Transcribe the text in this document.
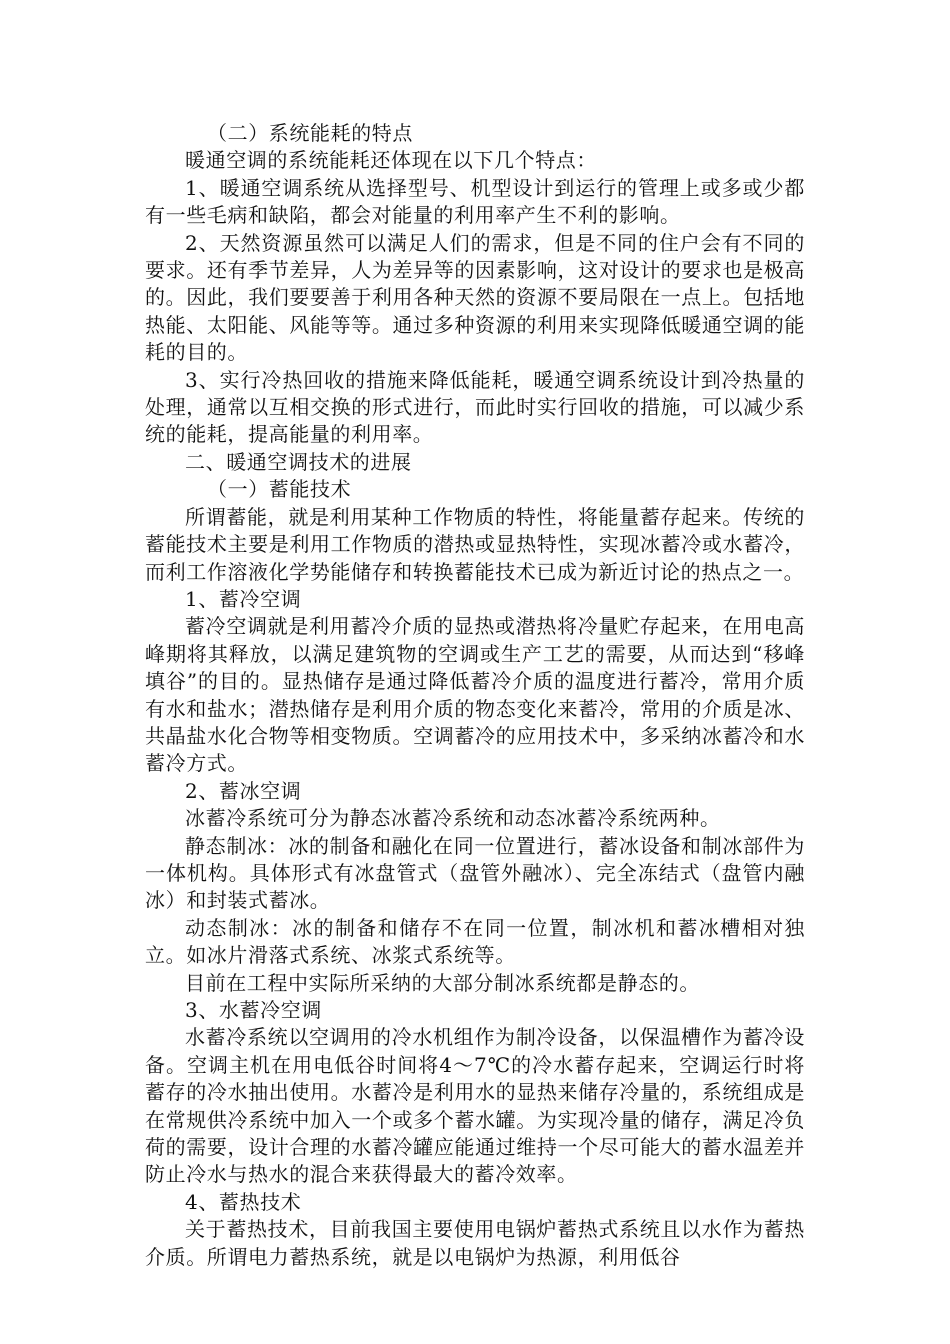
（二）系统能耗的特点

暖通空调的系统能耗还体现在以下几个特点：

1、暖通空调系统从选择型号、机型设计到运行的管理上或多或少都有一些毛病和缺陷，都会对能量的利用率产生不利的影响。

2、天然资源虽然可以满足人们的需求，但是不同的住户会有不同的要求。还有季节差异，人为差异等的因素影响，这对设计的要求也是极高的。因此，我们要要善于利用各种天然的资源不要局限在一点上。包括地热能、太阳能、风能等等。通过多种资源的利用来实现降低暖通空调的能耗的目的。

3、实行冷热回收的措施来降低能耗，暖通空调系统设计到冷热量的处理，通常以互相交换的形式进行，而此时实行回收的措施，可以减少系统的能耗，提高能量的利用率。

二、暖通空调技术的进展

（一）蓄能技术

所谓蓄能，就是利用某种工作物质的特性，将能量蓄存起来。传统的蓄能技术主要是利用工作物质的潜热或显热特性，实现冰蓄冷或水蓄冷，而利工作溶液化学势能储存和转换蓄能技术已成为新近讨论的热点之一。

1、蓄冷空调

蓄冷空调就是利用蓄冷介质的显热或潜热将冷量贮存起来，在用电高峰期将其释放，以满足建筑物的空调或生产工艺的需要，从而达到“移峰填谷”的目的。显热储存是通过降低蓄冷介质的温度进行蓄冷，常用介质有水和盐水；潜热储存是利用介质的物态变化来蓄冷，常用的介质是冰、共晶盐水化合物等相变物质。空调蓄冷的应用技术中，多采纳冰蓄冷和水蓄冷方式。

2、蓄冰空调

冰蓄冷系统可分为静态冰蓄冷系统和动态冰蓄冷系统两种。

静态制冰：冰的制备和融化在同一位置进行，蓄冰设备和制冰部件为一体机构。具体形式有冰盘管式（盘管外融冰）、完全冻结式（盘管内融冰）和封装式蓄冰。

动态制冰：冰的制备和储存不在同一位置，制冰机和蓄冰槽相对独立。如冰片滑落式系统、冰浆式系统等。

目前在工程中实际所采纳的大部分制冰系统都是静态的。

3、水蓄冷空调

水蓄冷系统以空调用的冷水机组作为制冷设备，以保温槽作为蓄冷设备。空调主机在用电低谷时间将4～7℃的冷水蓄存起来，空调运行时将蓄存的冷水抽出使用。水蓄冷是利用水的显热来储存冷量的，系统组成是在常规供冷系统中加入一个或多个蓄水罐。为实现冷量的储存，满足冷负荷的需要，设计合理的水蓄冷罐应能通过维持一个尽可能大的蓄水温差并防止冷水与热水的混合来获得最大的蓄冷效率。

4、蓄热技术

关于蓄热技术，目前我国主要使用电锅炉蓄热式系统且以水作为蓄热介质。所谓电力蓄热系统，就是以电锅炉为热源，利用低谷
